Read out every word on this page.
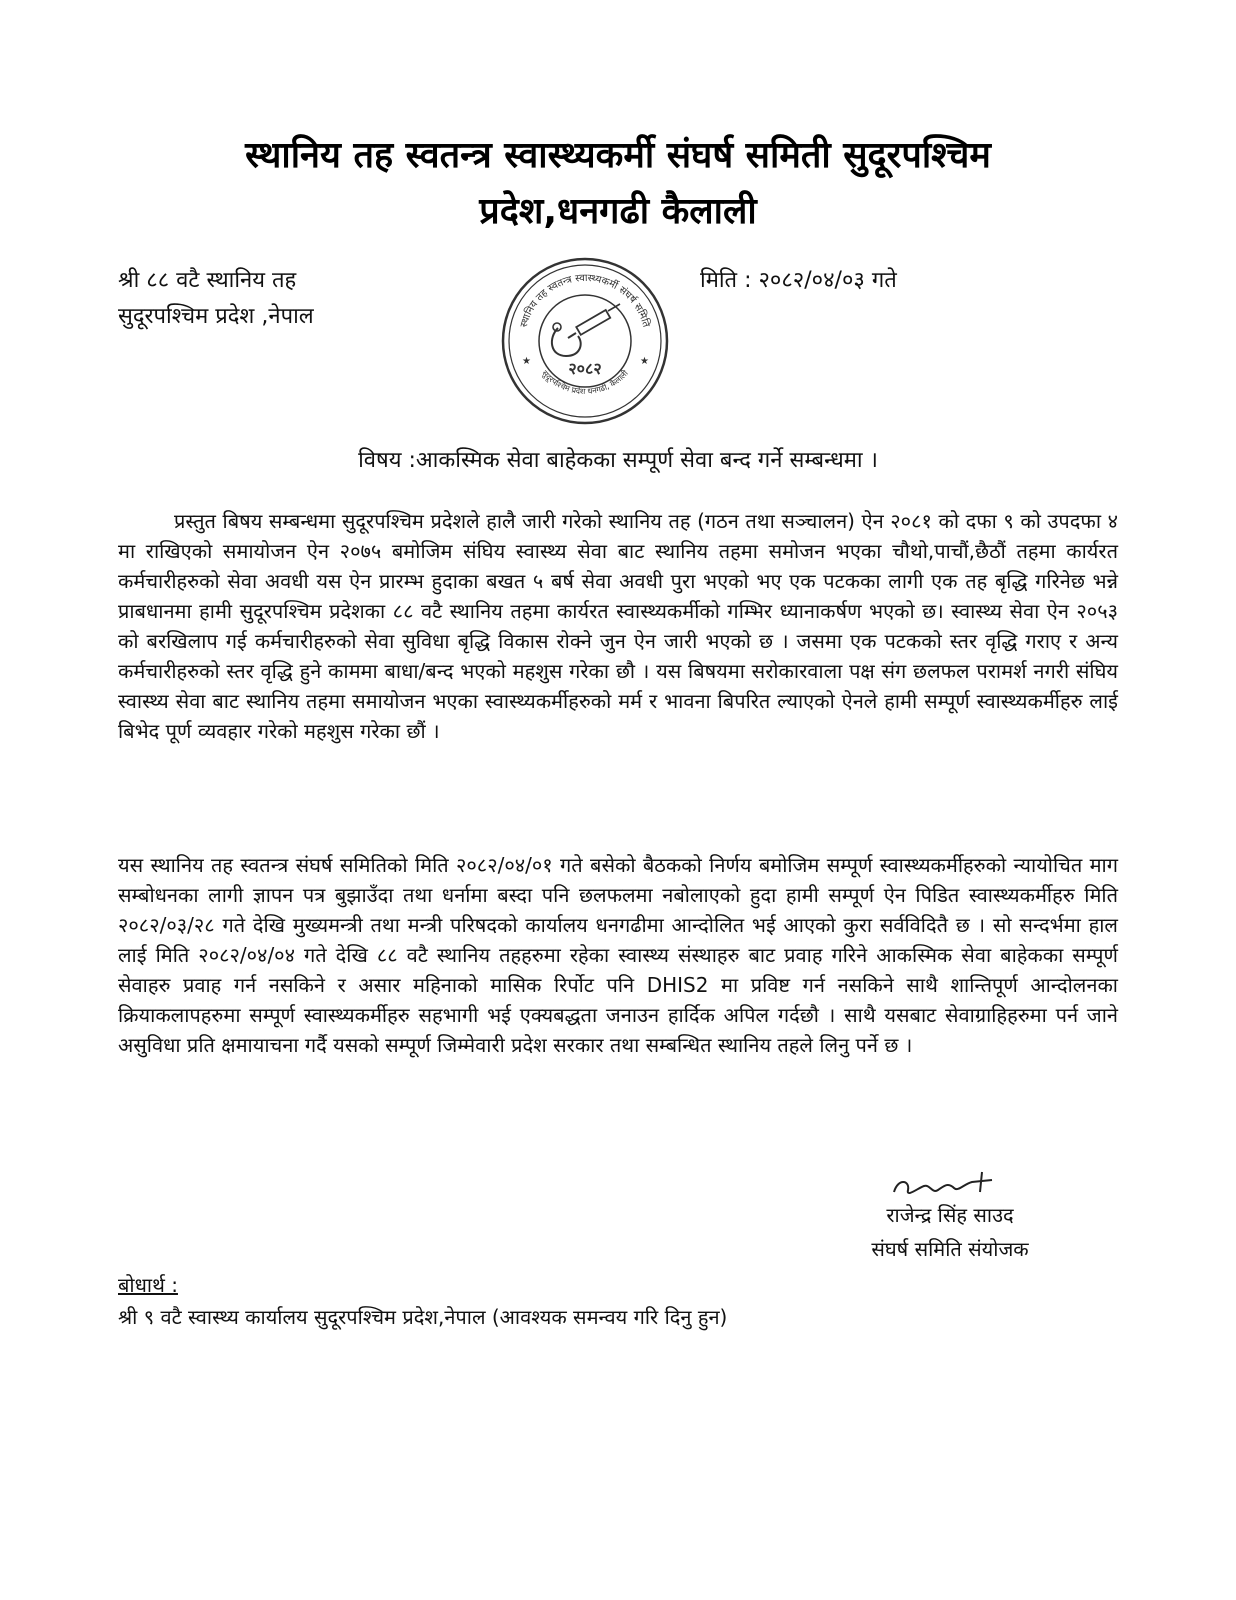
स्थानिय तह स्वतन्त्र स्वास्थ्यकर्मी संघर्ष समिती सुदूरपश्चिम
प्रदेश,धनगढी कैलाली
श्री ८८ वटै स्थानिय तह
सुदूरपश्चिम प्रदेश ,नेपाल
मिति : २०८२/०४/०३ गते
स्थानिय तह स्वतन्त्र स्वास्थ्यकर्मी संघर्ष समिति
सुदूरपश्चिम प्रदेश धनगढी, कैलाली
★	★
२०८२
विषय :आकस्मिक सेवा बाहेकका सम्पूर्ण सेवा बन्द गर्ने सम्बन्धमा ।

प्रस्तुत बिषय सम्बन्धमा सुदूरपश्चिम प्रदेशले हालै जारी गरेको स्थानिय तह (गठन तथा सञ्चालन) ऐन २०८१ को दफा ९ को उपदफा ४ मा राखिएको समायोजन ऐन २०७५ बमोजिम संघिय स्वास्थ्य सेवा बाट स्थानिय तहमा समोजन भएका चौथो,पाचौं,छैठौं तहमा कार्यरत कर्मचारीहरुको सेवा अवधी यस ऐन प्रारम्भ हुदाका बखत ५ बर्ष सेवा अवधी पुरा भएको भए एक पटकका लागी एक तह बृद्धि गरिनेछ भन्ने प्राबधानमा हामी सुदूरपश्चिम प्रदेशका ८८ वटै स्थानिय तहमा कार्यरत स्वास्थ्यकर्मीको गम्भिर ध्यानाकर्षण भएको छ। स्वास्थ्य सेवा ऐन २०५३ को बरखिलाप गई कर्मचारीहरुको सेवा सुविधा बृद्धि विकास रोक्ने जुन ऐन जारी भएको छ । जसमा एक पटकको स्तर वृद्धि गराए र अन्य कर्मचारीहरुको स्तर वृद्धि हुने काममा बाधा/बन्द भएको महशुस गरेका छौ । यस बिषयमा सरोकारवाला पक्ष संग छलफल परामर्श नगरी संघिय स्वास्थ्य सेवा बाट स्थानिय तहमा समायोजन भएका स्वास्थ्यकर्मीहरुको मर्म र भावना बिपरित ल्याएको ऐनले हामी सम्पूर्ण स्वास्थ्यकर्मीहरु लाई बिभेद पूर्ण व्यवहार गरेको महशुस गरेका छौं ।

यस स्थानिय तह स्वतन्त्र संघर्ष समितिको मिति २०८२/०४/०१ गते बसेको बैठकको निर्णय बमोजिम सम्पूर्ण स्वास्थ्यकर्मीहरुको न्यायोचित माग सम्बोधनका लागी ज्ञापन पत्र बुझाउँदा तथा धर्नामा बस्दा पनि छलफलमा नबोलाएको हुदा हामी सम्पूर्ण ऐन पिडित स्वास्थ्यकर्मीहरु मिति २०८२/०३/२८ गते देखि मुख्यमन्त्री तथा मन्त्री परिषदको कार्यालय धनगढीमा आन्दोलित भई आएको कुरा सर्वविदितै छ । सो सन्दर्भमा हाल लाई मिति २०८२/०४/०४ गते देखि ८८ वटै स्थानिय तहहरुमा रहेका स्वास्थ्य संस्थाहरु बाट प्रवाह गरिने आकस्मिक सेवा बाहेकका सम्पूर्ण सेवाहरु प्रवाह गर्न नसकिने र असार महिनाको मासिक रिर्पोट पनि DHIS2 मा प्रविष्ट गर्न नसकिने साथै शान्तिपूर्ण आन्दोलनका क्रियाकलापहरुमा सम्पूर्ण स्वास्थ्यकर्मीहरु सहभागी भई एक्यबद्धता जनाउन हार्दिक अपिल गर्दछौ । साथै यसबाट सेवाग्राहिहरुमा पर्न जाने असुविधा प्रति क्षमायाचना गर्दै यसको सम्पूर्ण जिम्मेवारी प्रदेश सरकार तथा सम्बन्धित स्थानिय तहले लिनु पर्ने छ ।

राजेन्द्र सिंह साउद
संघर्ष समिति संयोजक
बोधार्थ :
श्री ९ वटै स्वास्थ्य कार्यालय सुदूरपश्चिम प्रदेश,नेपाल (आवश्यक समन्वय गरि दिनु हुन)
